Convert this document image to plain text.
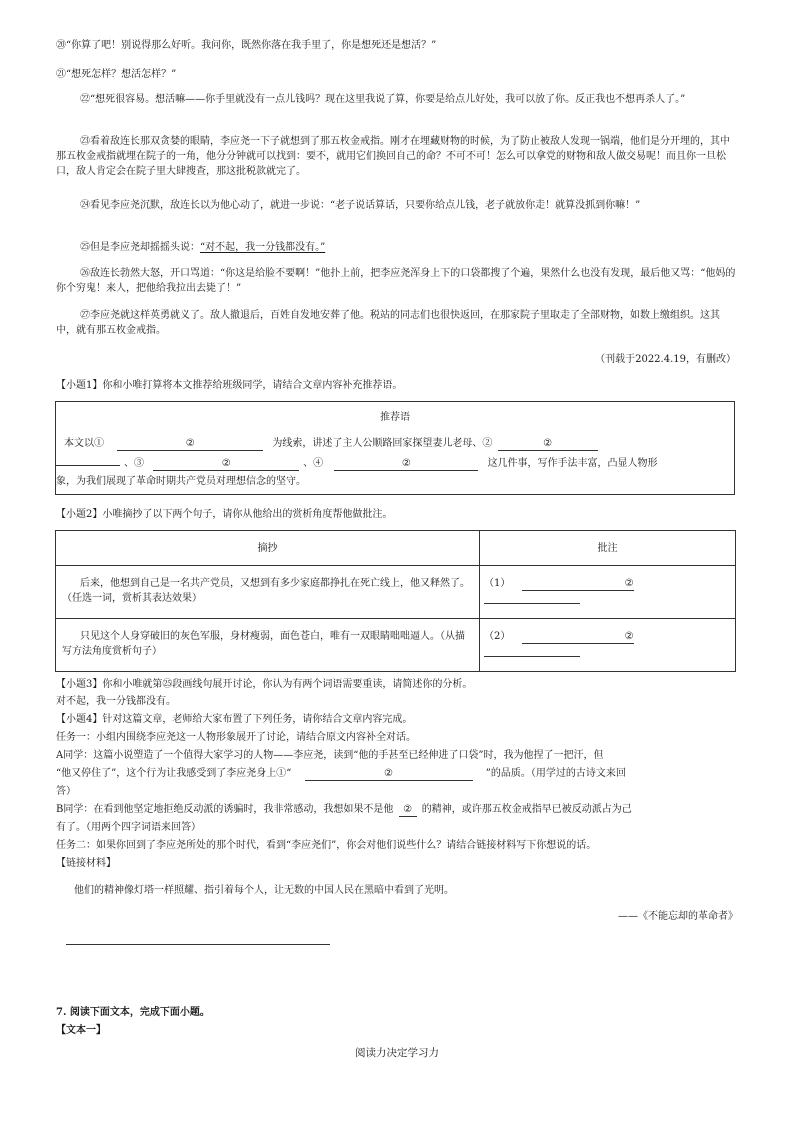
⑳“你算了吧！别说得那么好听。我问你，既然你落在我手里了，你是想死还是想活？”

㉑“想死怎样？想活怎样？”

㉒“想死很容易。想活嘛——你手里就没有一点儿钱吗？现在这里我说了算，你要是给点儿好处，我可以放了你。反正我也不想再杀人了。”

㉓看着敌连长那双贪婪的眼睛，李应尧一下子就想到了那五枚金戒指。刚才在埋藏财物的时候，为了防止被敌人发现一锅端，他们是分开埋的，其中那五枚金戒指就埋在院子的一角，他分分钟就可以找到：要不，就用它们换回自己的命？不可不可！怎么可以拿党的财物和敌人做交易呢！而且你一旦松口，敌人肯定会在院子里大肆搜查，那这批税款就完了。

㉔看见李应尧沉默，敌连长以为他心动了，就进一步说：“老子说话算话，只要你给点儿钱，老子就放你走！就算没抓到你嘛！”

㉕但是李应尧却摇摇头说：“对不起，我一分钱都没有。”

㉖敌连长勃然大怒，开口骂道：“你这是给脸不要啊！”他扑上前，把李应尧浑身上下的口袋都搜了个遍，果然什么也没有发现，最后他又骂：“他妈的你个穷鬼！来人，把他给我拉出去毙了！”

㉗李应尧就这样英勇就义了。敌人撤退后，百姓自发地安葬了他。税站的同志们也很快返回，在那家院子里取走了全部财物，如数上缴组织。这其中，就有那五枚金戒指。

（刊载于2022.4.19，有删改）

【小题1】你和小唯打算将本文推荐给班级同学，请结合文章内容补充推荐语。

推荐语
本文以①	②	为线索，讲述了主人公顺路回家探望妻儿老母、②	②
、③	②	、④	②	这几件事，写作手法丰富，凸显人物形
象，为我们展现了革命时期共产党员对理想信念的坚守。

【小题2】小唯摘抄了以下两个句子，请你从他给出的赏析角度帮他做批注。

摘抄	批注

后来，他想到自己是一名共产党员，又想到有多少家庭都挣扎在死亡线上，他又释然了。（任选一词，赏析其表达效果）	（1） ②

只见这个人身穿破旧的灰色军服，身材瘦弱，面色苍白，唯有一双眼睛咄咄逼人。（从描写方法角度赏析句子）	（2） ②

【小题3】你和小唯就第㉕段画线句展开讨论，你认为有两个词语需要重读，请简述你的分析。

对不起，我一分钱都没有。

【小题4】针对这篇文章，老师给大家布置了下列任务，请你结合文章内容完成。

任务一：小组内围绕李应尧这一人物形象展开了讨论，请结合原文内容补全对话。

A同学：这篇小说塑造了一个值得大家学习的人物——李应尧，读到“他的手甚至已经伸进了口袋”时，我为他捏了一把汗，但

“他又停住了”，这个行为让我感受到了李应尧身上①“	②	”的品质。（用学过的古诗文来回

答）

B同学：在看到他坚定地拒绝反动派的诱骗时，我非常感动，我想如果不是他 ② 的精神，或许那五枚金戒指早已被反动派占为己

有了。（用两个四字词语来回答）

任务二：如果你回到了李应尧所处的那个时代，看到“李应尧们”，你会对他们说些什么？请结合链接材料写下你想说的话。

【链接材料】

他们的精神像灯塔一样照耀、指引着每个人，让无数的中国人民在黑暗中看到了光明。

——《不能忘却的革命者》

7. 阅读下面文本，完成下面小题。

【文本一】

阅读力决定学习力
